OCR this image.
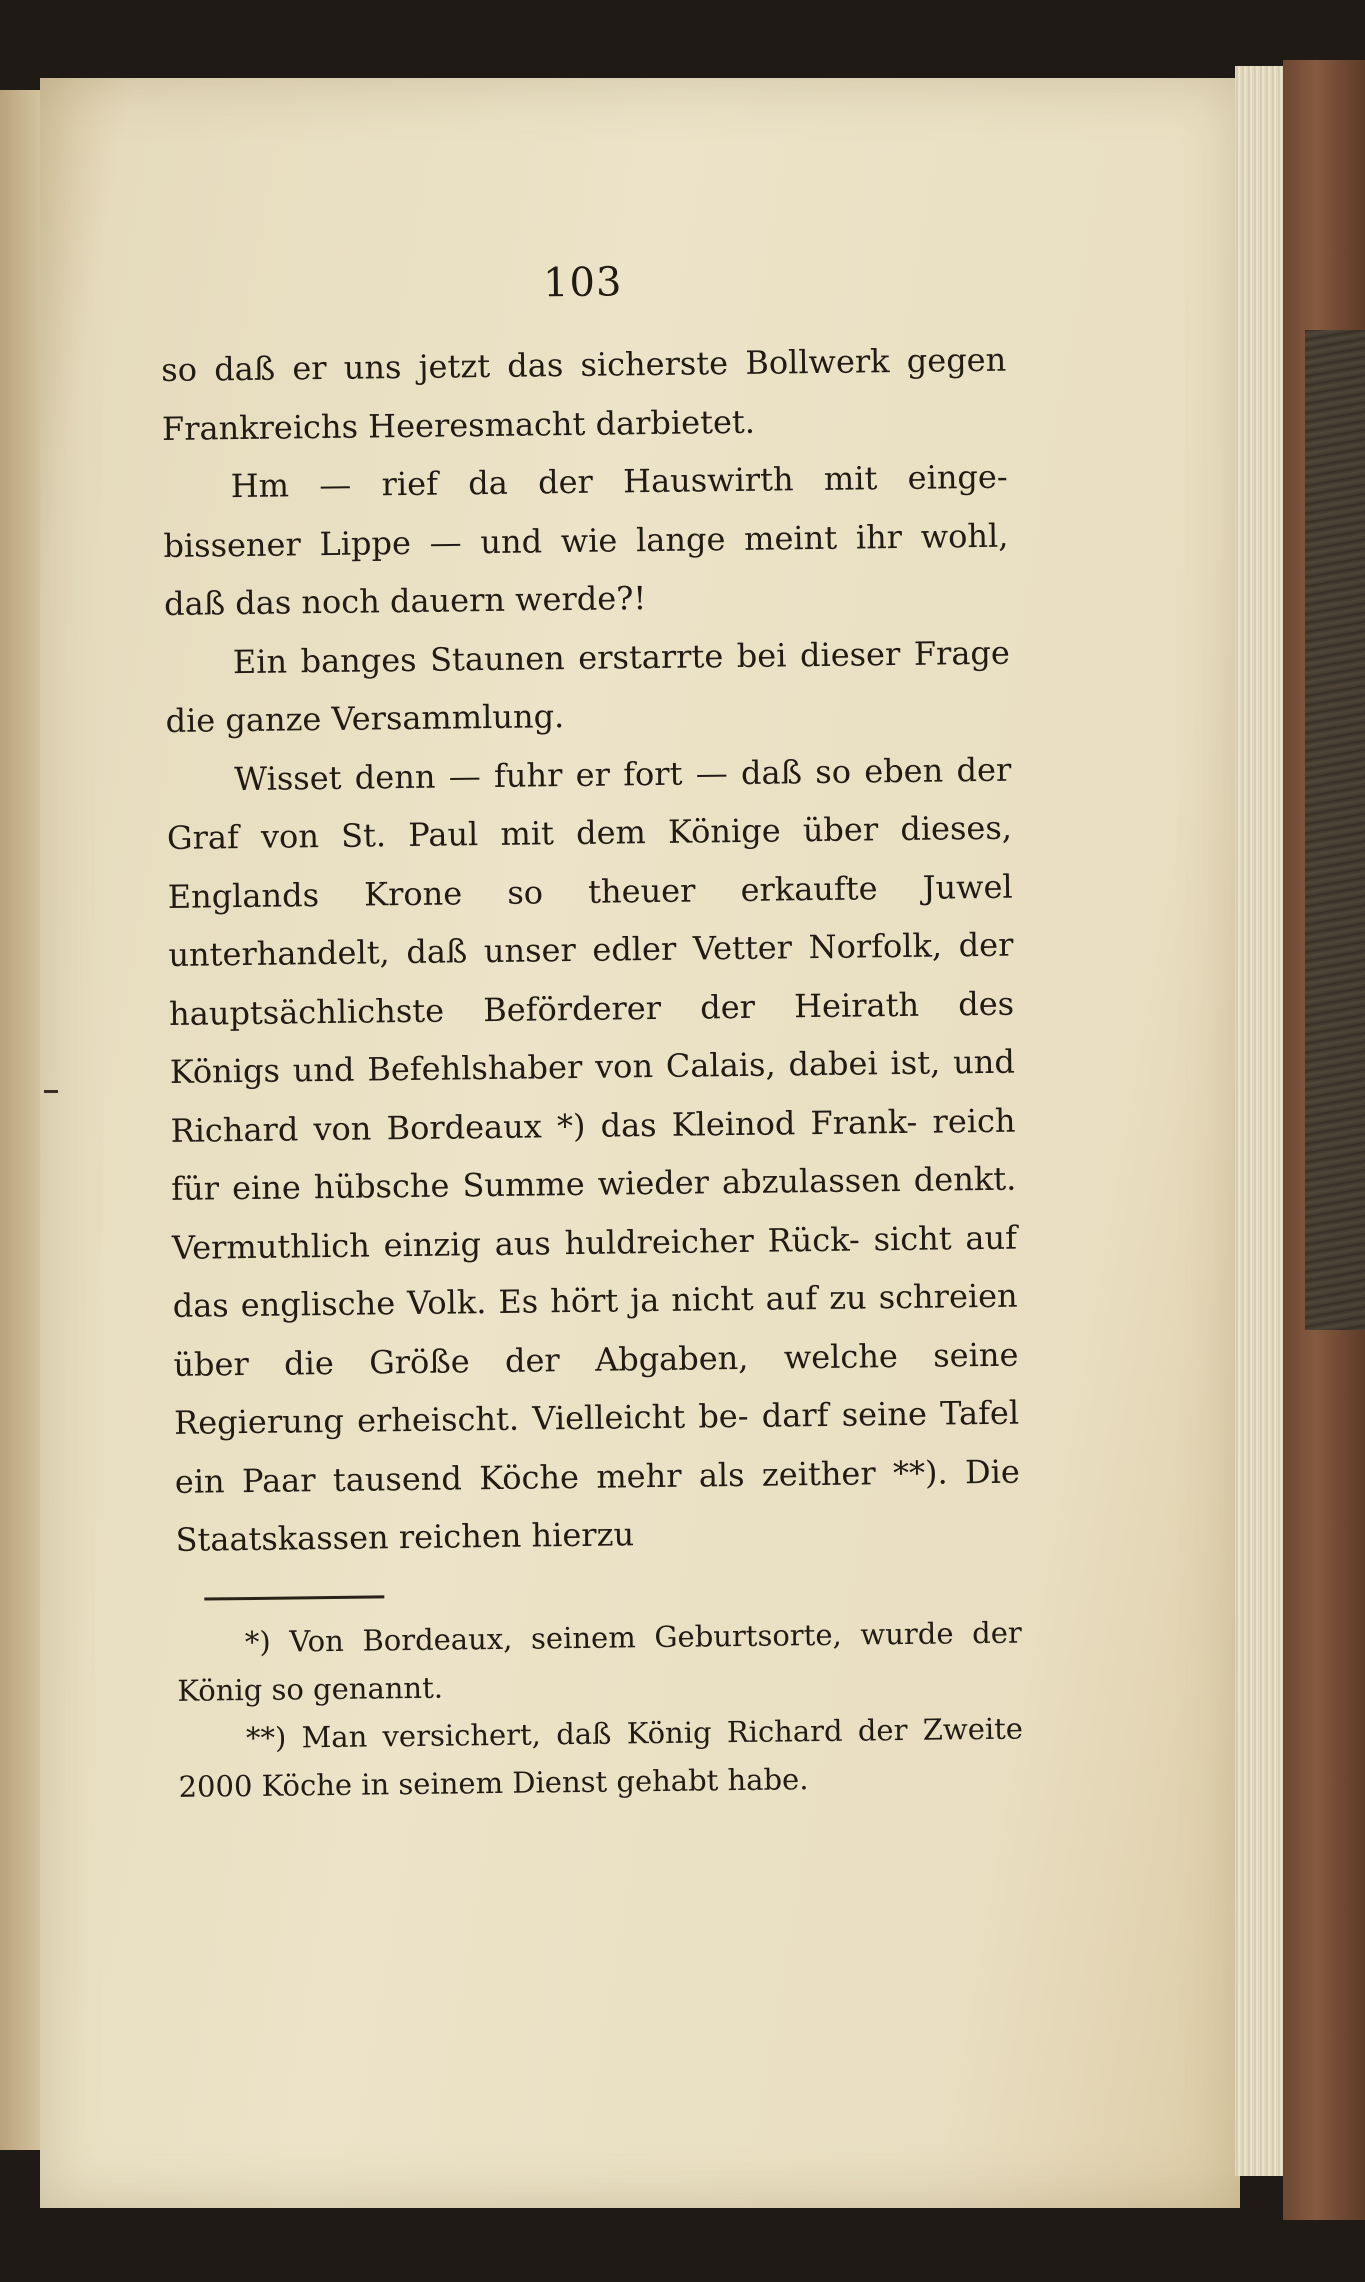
103

so daß er uns jetzt das sicherste Bollwerk gegen Frankreichs Heeresmacht darbietet.

Hm — rief da der Hauswirth mit einge- bissener Lippe — und wie lange meint ihr wohl, daß das noch dauern werde?!

Ein banges Staunen erstarrte bei dieser Frage die ganze Versammlung.

Wisset denn — fuhr er fort — daß so eben der Graf von St. Paul mit dem Könige über dieses, Englands Krone so theuer erkaufte Juwel unterhandelt, daß unser edler Vetter Norfolk, der hauptsächlichste Beförderer der Heirath des Königs und Befehlshaber von Calais, dabei ist, und Richard von Bordeaux *) das Kleinod Frank- reich für eine hübsche Summe wieder abzulassen denkt. Vermuthlich einzig aus huldreicher Rück- sicht auf das englische Volk. Es hört ja nicht auf zu schreien über die Größe der Abgaben, welche seine Regierung erheischt. Vielleicht be- darf seine Tafel ein Paar tausend Köche mehr als zeither **). Die Staatskassen reichen hierzu

*) Von Bordeaux, seinem Geburtsorte, wurde der König so genannt.

**) Man versichert, daß König Richard der Zweite 2000 Köche in seinem Dienst gehabt habe.
